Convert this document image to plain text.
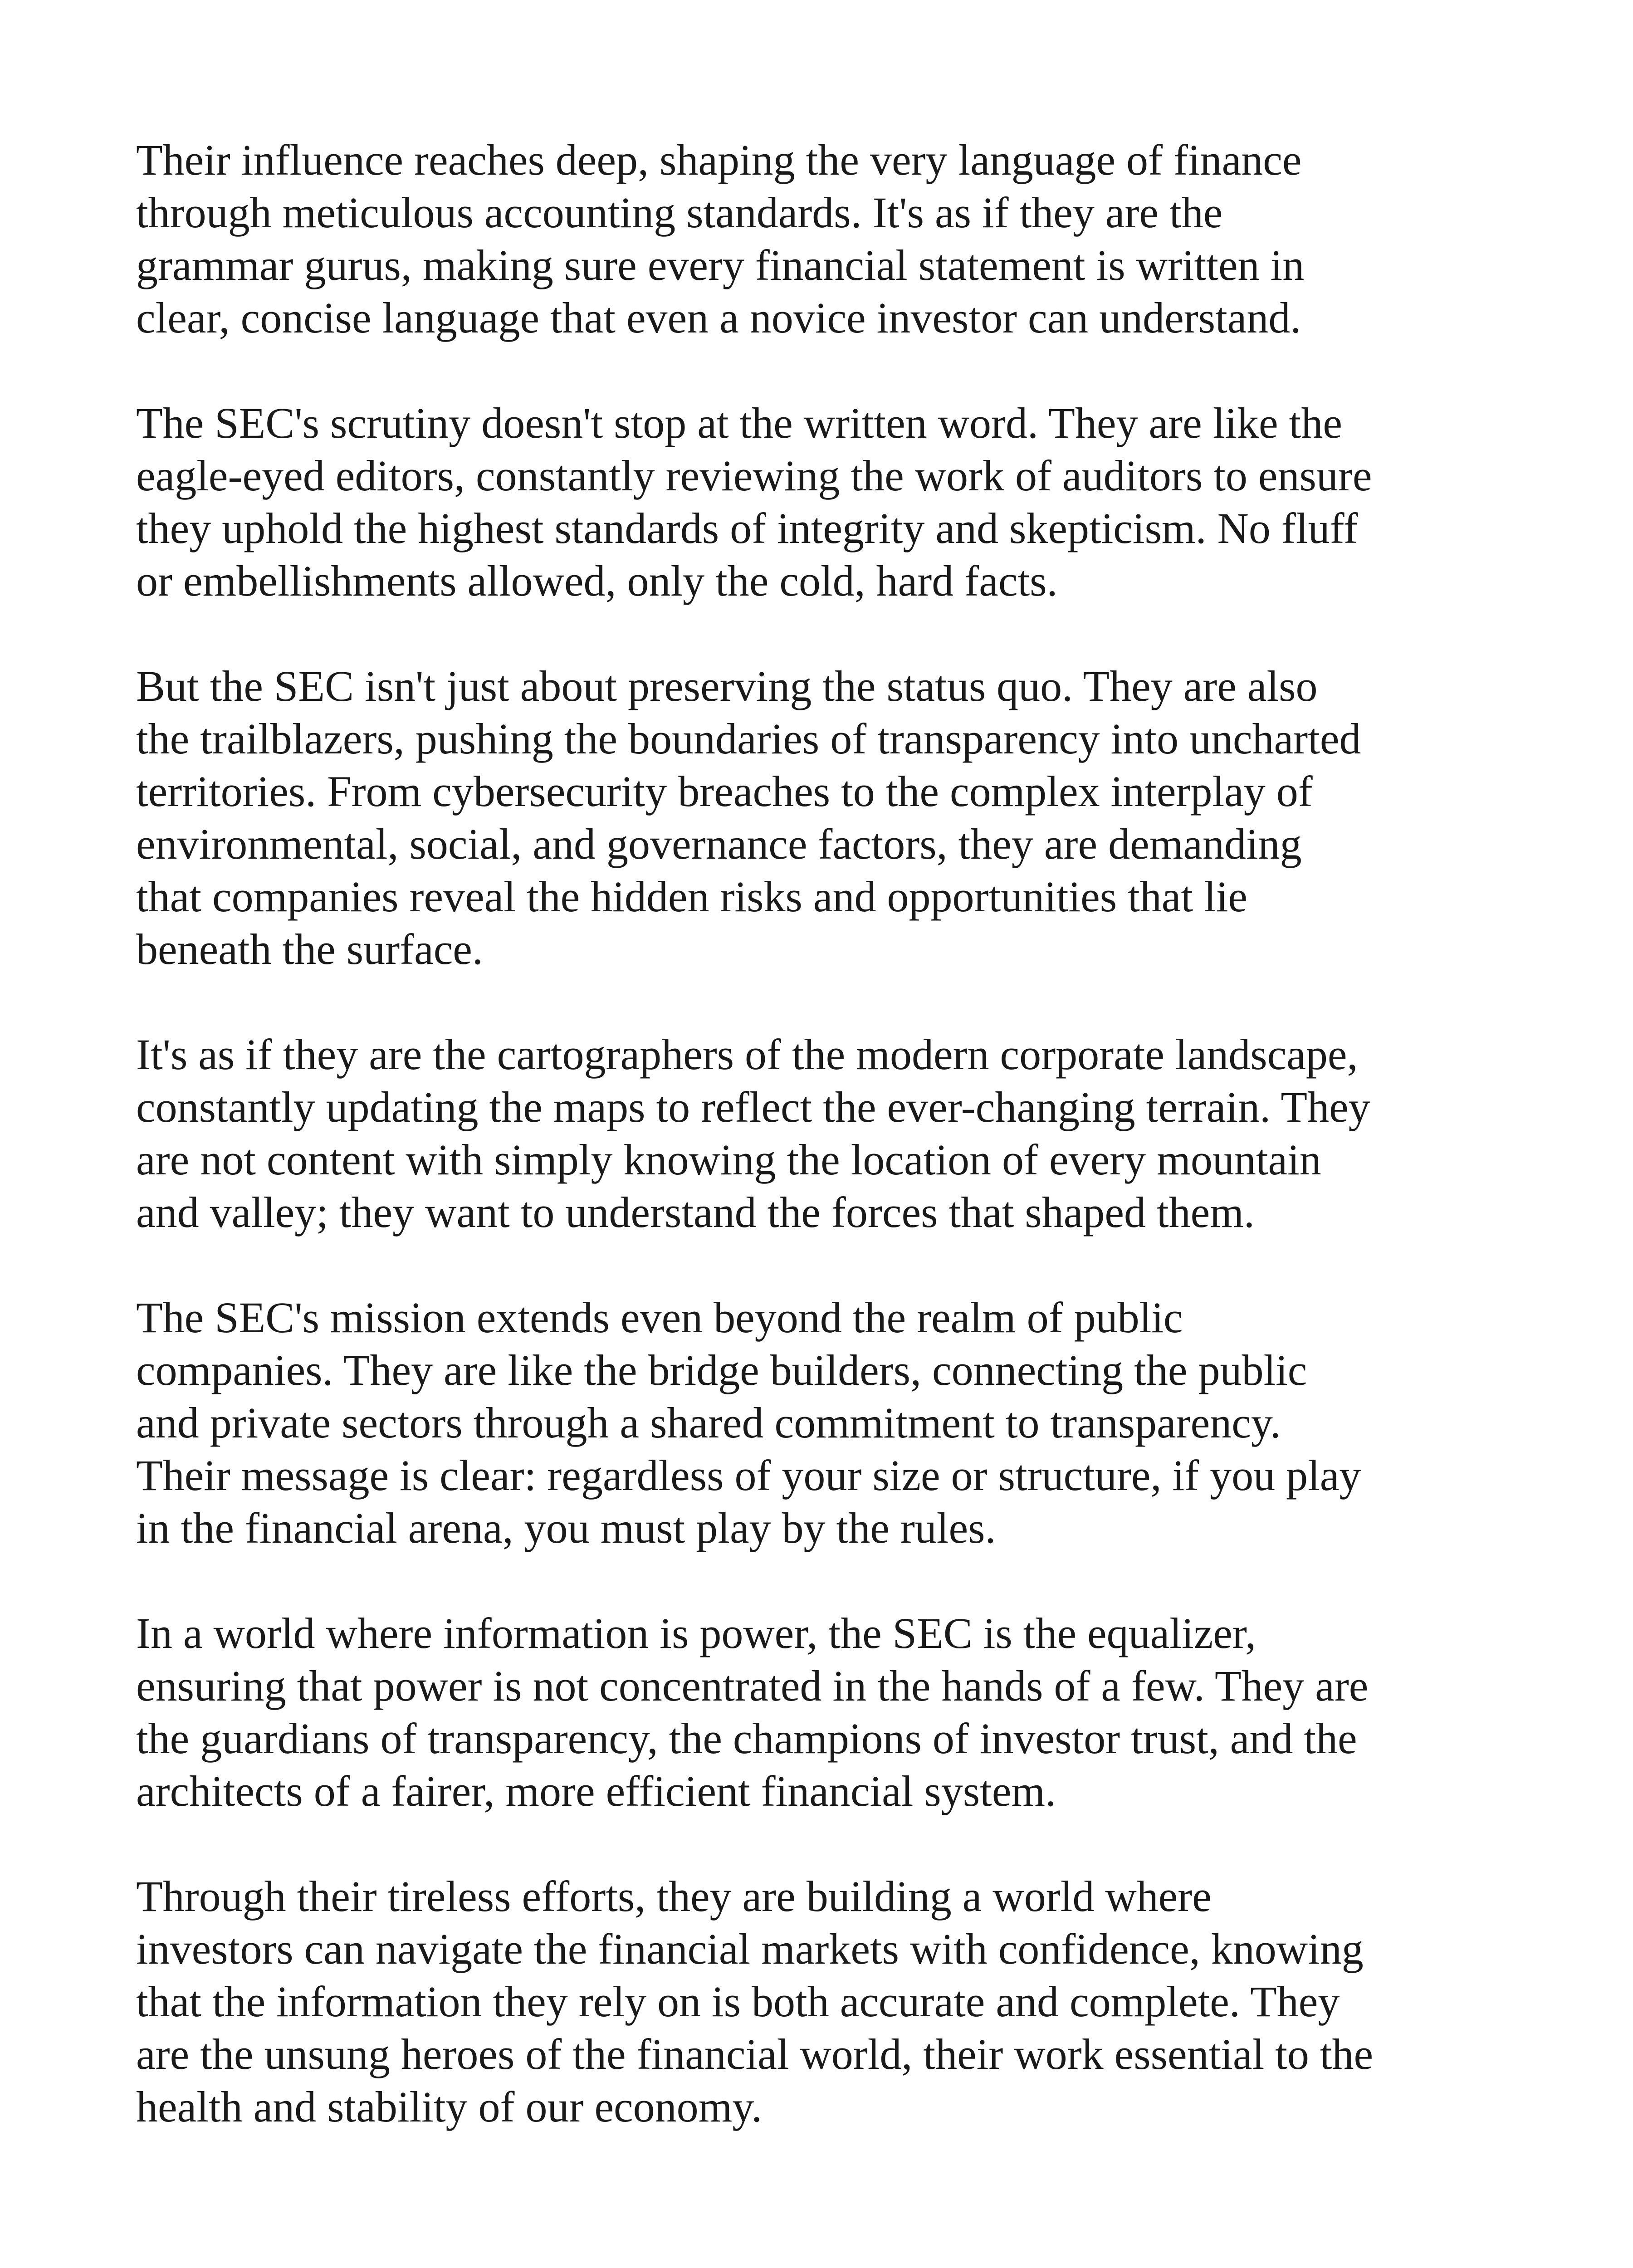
Their influence reaches deep, shaping the very language of finance
through meticulous accounting standards. It's as if they are the
grammar gurus, making sure every financial statement is written in
clear, concise language that even a novice investor can understand.

The SEC's scrutiny doesn't stop at the written word. They are like the
eagle-eyed editors, constantly reviewing the work of auditors to ensure
they uphold the highest standards of integrity and skepticism. No fluff
or embellishments allowed, only the cold, hard facts.

But the SEC isn't just about preserving the status quo. They are also
the trailblazers, pushing the boundaries of transparency into uncharted
territories. From cybersecurity breaches to the complex interplay of
environmental, social, and governance factors, they are demanding
that companies reveal the hidden risks and opportunities that lie
beneath the surface.

It's as if they are the cartographers of the modern corporate landscape,
constantly updating the maps to reflect the ever-changing terrain. They
are not content with simply knowing the location of every mountain
and valley; they want to understand the forces that shaped them.

The SEC's mission extends even beyond the realm of public
companies. They are like the bridge builders, connecting the public
and private sectors through a shared commitment to transparency.
Their message is clear: regardless of your size or structure, if you play
in the financial arena, you must play by the rules.

In a world where information is power, the SEC is the equalizer,
ensuring that power is not concentrated in the hands of a few. They are
the guardians of transparency, the champions of investor trust, and the
architects of a fairer, more efficient financial system.

Through their tireless efforts, they are building a world where
investors can navigate the financial markets with confidence, knowing
that the information they rely on is both accurate and complete. They
are the unsung heroes of the financial world, their work essential to the
health and stability of our economy.
